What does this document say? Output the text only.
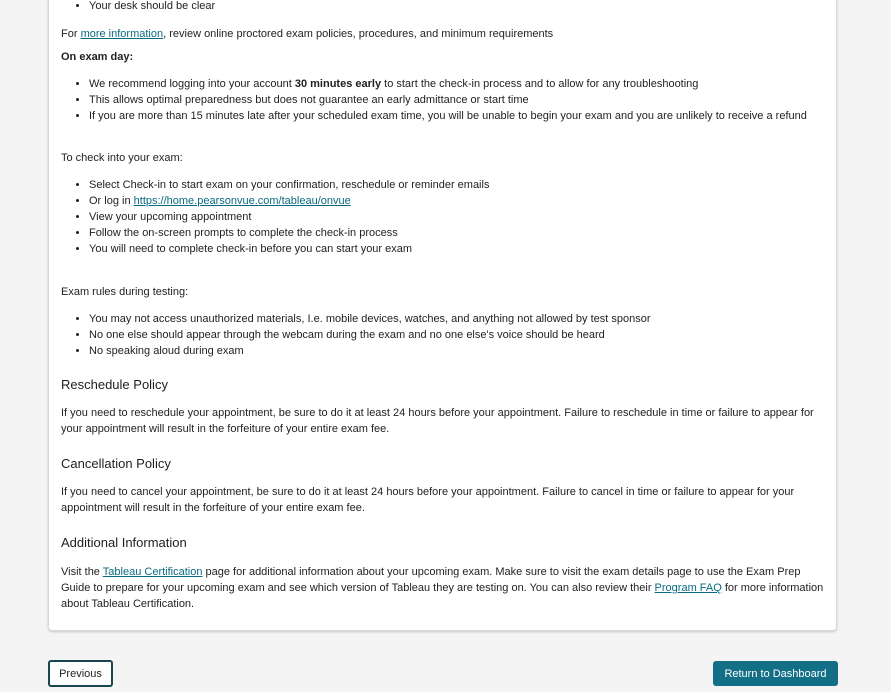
• Your desk should be clear

For more information, review online proctored exam policies, procedures, and minimum requirements

On exam day:

• We recommend logging into your account 30 minutes early to start the check-in process and to allow for any troubleshooting
• This allows optimal preparedness but does not guarantee an early admittance or start time
• If you are more than 15 minutes late after your scheduled exam time, you will be unable to begin your exam and you are unlikely to receive a refund

To check into your exam:

• Select Check-in to start exam on your confirmation, reschedule or reminder emails
• Or log in https://home.pearsonvue.com/tableau/onvue
• View your upcoming appointment
• Follow the on-screen prompts to complete the check-in process
• You will need to complete check-in before you can start your exam

Exam rules during testing:

• You may not access unauthorized materials, I.e. mobile devices, watches, and anything not allowed by test sponsor
• No one else should appear through the webcam during the exam and no one else's voice should be heard
• No speaking aloud during exam

Reschedule Policy

If you need to reschedule your appointment, be sure to do it at least 24 hours before your appointment. Failure to reschedule in time or failure to appear for your appointment will result in the forfeiture of your entire exam fee.

Cancellation Policy

If you need to cancel your appointment, be sure to do it at least 24 hours before your appointment. Failure to cancel in time or failure to appear for your appointment will result in the forfeiture of your entire exam fee.

Additional Information

Visit the Tableau Certification page for additional information about your upcoming exam. Make sure to visit the exam details page to use the Exam Prep Guide to prepare for your upcoming exam and see which version of Tableau they are testing on. You can also review their Program FAQ for more information about Tableau Certification.

Previous	Return to Dashboard
